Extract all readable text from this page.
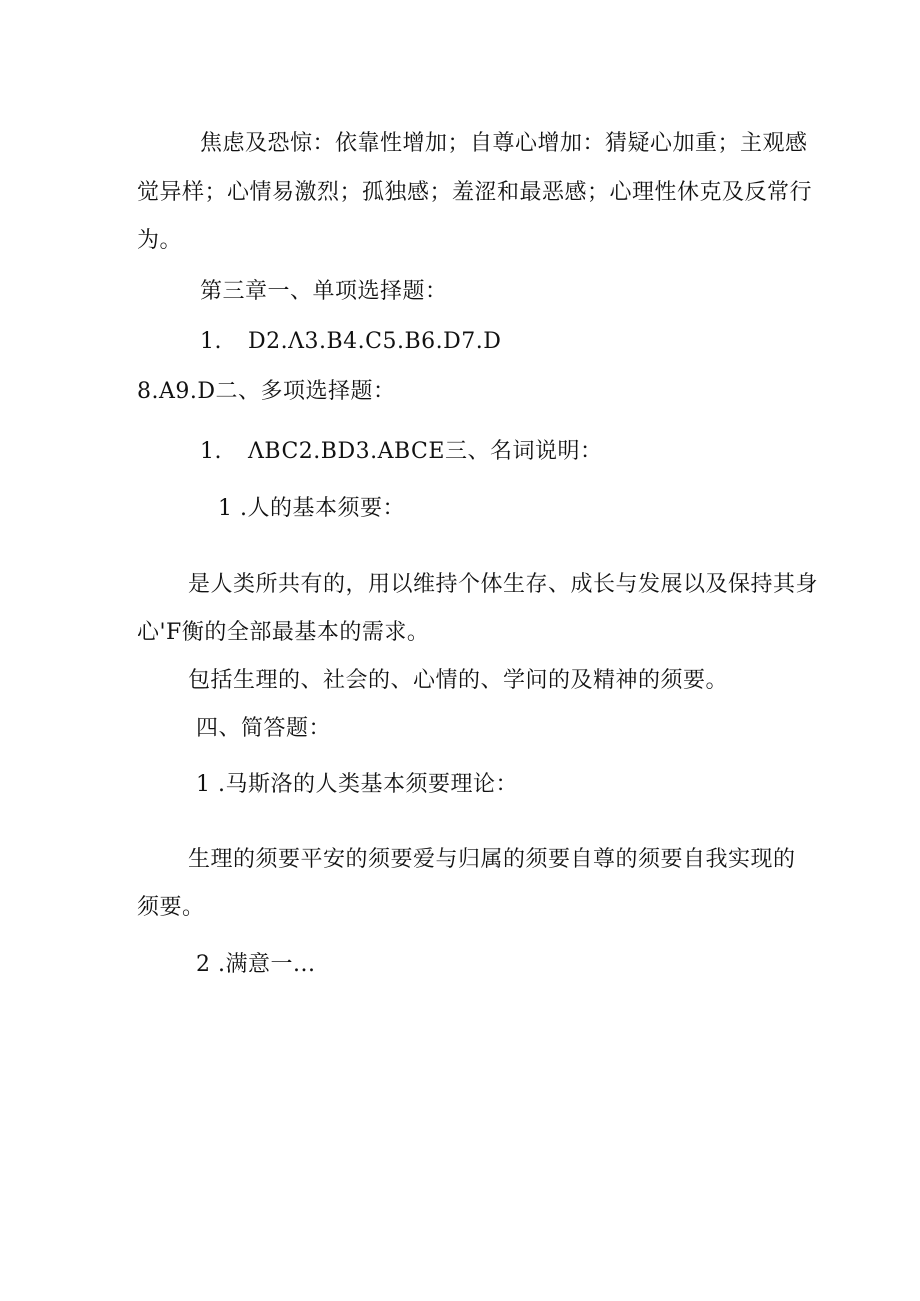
焦虑及恐惊：依靠性增加；自尊心增加：猜疑心加重；主观感
觉异样；心情易激烈；孤独感；羞涩和最恶感；心理性休克及反常行
为。
第三章一、单项选择题：
1. D2.Λ3.B4.C5.B6.D7.D
8.A9.D二、多项选择题：
1. ΛBC2.BD3.ABCE三、名词说明：
1 .人的基本须要：
是人类所共有的，用以维持个体生存、成长与发展以及保持其身
心'F衡的全部最基本的需求。
包括生理的、社会的、心情的、学问的及精神的须要。
四、简答题：
1 .马斯洛的人类基本须要理论：
生理的须要平安的须要爱与归属的须要自尊的须要自我实现的
须要。
2 .满意一...
